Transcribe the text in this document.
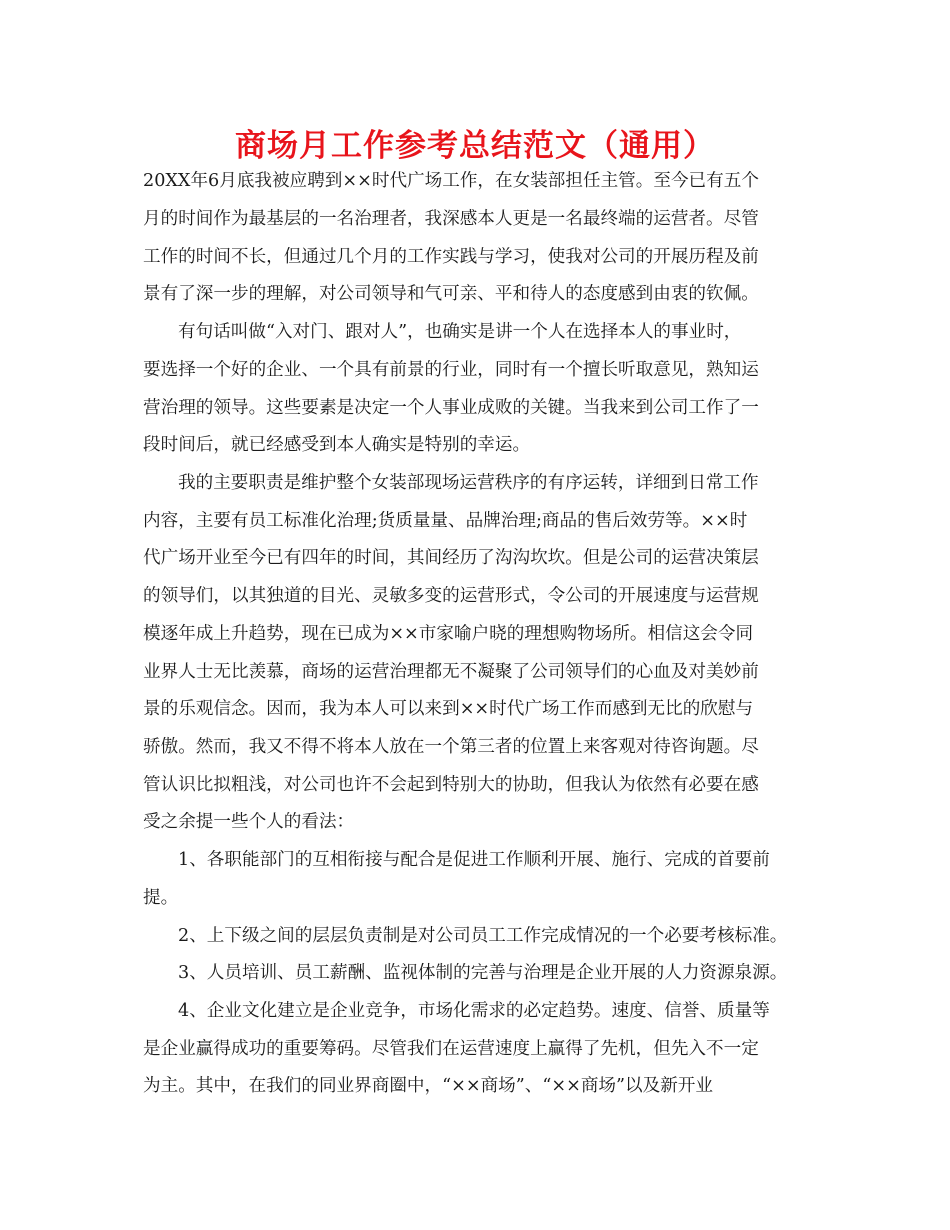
商场月工作参考总结范文（通用）

20XX年6月底我被应聘到××时代广场工作，在女装部担任主管。至今已有五个

月的时间作为最基层的一名治理者，我深感本人更是一名最终端的运营者。尽管

工作的时间不长，但通过几个月的工作实践与学习，使我对公司的开展历程及前

景有了深一步的理解，对公司领导和气可亲、平和待人的态度感到由衷的钦佩。

有句话叫做“入对门、跟对人”，也确实是讲一个人在选择本人的事业时，

要选择一个好的企业、一个具有前景的行业，同时有一个擅长听取意见，熟知运

营治理的领导。这些要素是决定一个人事业成败的关键。当我来到公司工作了一

段时间后，就已经感受到本人确实是特别的幸运。

我的主要职责是维护整个女装部现场运营秩序的有序运转，详细到日常工作

内容，主要有员工标准化治理;货质量量、品牌治理;商品的售后效劳等。××时

代广场开业至今已有四年的时间，其间经历了沟沟坎坎。但是公司的运营决策层

的领导们，以其独道的目光、灵敏多变的运营形式，令公司的开展速度与运营规

模逐年成上升趋势，现在已成为××市家喻户晓的理想购物场所。相信这会令同

业界人士无比羡慕，商场的运营治理都无不凝聚了公司领导们的心血及对美妙前

景的乐观信念。因而，我为本人可以来到××时代广场工作而感到无比的欣慰与

骄傲。然而，我又不得不将本人放在一个第三者的位置上来客观对待咨询题。尽

管认识比拟粗浅，对公司也许不会起到特别大的协助，但我认为依然有必要在感

受之余提一些个人的看法：

1、各职能部门的互相衔接与配合是促进工作顺利开展、施行、完成的首要前

提。

2、上下级之间的层层负责制是对公司员工工作完成情况的一个必要考核标准。

3、人员培训、员工薪酬、监视体制的完善与治理是企业开展的人力资源泉源。

4、企业文化建立是企业竞争，市场化需求的必定趋势。速度、信誉、质量等

是企业赢得成功的重要筹码。尽管我们在运营速度上赢得了先机，但先入不一定

为主。其中，在我们的同业界商圈中，“××商场”、“××商场”以及新开业
